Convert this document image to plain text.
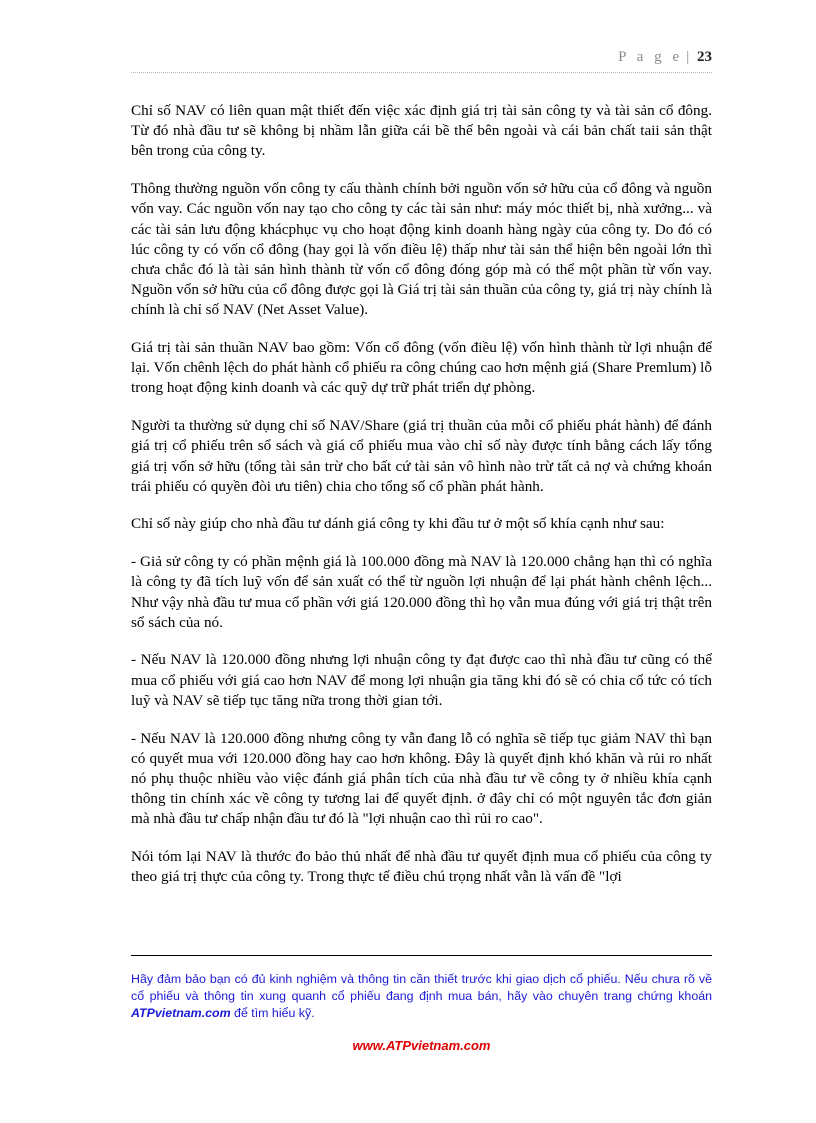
P a g e | 23

Chỉ số NAV có liên quan mật thiết đến việc xác định giá trị tài sản công ty và tài sản cổ đông. Từ đó nhà đầu tư sẽ không bị nhầm lẫn giữa cái bề thế bên ngoài và cái bản chất taii sản thật bên trong của công ty.

Thông thường nguồn vốn công ty cấu thành chính bởi nguồn vốn sở hữu của cổ đông và nguồn vốn vay. Các nguồn vốn nay tạo cho công ty các tài sản như: máy móc thiết bị, nhà xưởng... và các tài sản lưu động khácphục vụ cho hoạt động kinh doanh hàng ngày của công ty. Do đó có lúc công ty có vốn cổ đông (hay gọi là vốn điều lệ) thấp như tài sản thể hiện bên ngoài lớn thì chưa chắc đó là tài sản hình thành từ vốn cổ đông đóng góp mà có thể một phần từ vốn vay. Nguồn vốn sở hữu của cổ đông được gọi là Giá trị tài sản thuần của công ty, giá trị này chính là chính là chỉ số NAV (Net Asset Value).

Giá trị tài sản thuần NAV bao gồm: Vốn cổ đông (vốn điều lệ) vốn hình thành từ lợi nhuận để lại. Vốn chênh lệch do phát hành cổ phiếu ra công chúng cao hơn mệnh giá (Share Premlum) lỗ trong hoạt động kinh doanh và các quỹ dự trữ phát triển dự phòng.

Người ta thường sử dụng chỉ số NAV/Share (giá trị thuần của mỗi cổ phiếu phát hành) để đánh giá trị cổ phiếu trên sổ sách và giá cổ phiếu mua vào chỉ số này được tính bằng cách lấy tổng giá trị vốn sở hữu (tổng tài sản trừ cho bất cứ tài sản vô hình nào trừ tất cả nợ và chứng khoán trái phiếu có quyền đòi ưu tiên) chia cho tổng số cổ phần phát hành.

Chỉ số này giúp cho nhà đầu tư dánh giá công ty khi đầu tư ở một số khía cạnh như sau:

- Giả sử công ty có phần mệnh giá là 100.000 đồng mà NAV là 120.000 chẳng hạn thì có nghĩa là công ty đã tích luỹ vốn để sản xuất có thể từ nguồn lợi nhuận để lại phát hành chênh lệch... Như vậy nhà đầu tư mua cổ phần với giá 120.000 đồng thì họ vẫn mua đúng với giá trị thật trên sổ sách của nó.

- Nếu NAV là 120.000 đồng nhưng lợi nhuận công ty đạt được cao thì nhà đầu tư cũng có thể mua cổ phiếu với giá cao hơn NAV để mong lợi nhuận gia tăng khi đó sẽ có chia cổ tức có tích luỹ và NAV sẽ tiếp tục tăng nữa trong thời gian tới.

- Nếu NAV là 120.000 đồng nhưng công ty vẫn đang lỗ có nghĩa sẽ tiếp tục giảm NAV thì bạn có quyết mua với 120.000 đồng hay cao hơn không. Đây là quyết định khó khăn và rủi ro nhất nó phụ thuộc nhiều vào việc đánh giá phân tích của nhà đầu tư về công ty ở nhiều khía cạnh thông tin chính xác về công ty tương lai để quyết định. ở đây chỉ có một nguyên tắc đơn giản mà nhà đầu tư chấp nhận đầu tư đó là "lợi nhuận cao thì rủi ro cao".

Nói tóm lại NAV là thước đo bảo thủ nhất để nhà đầu tư quyết định mua cổ phiếu của công ty theo giá trị thực của công ty. Trong thực tế điều chú trọng nhất vẫn là vấn đề "lợi

Hãy đảm bảo bạn có đủ kinh nghiệm và thông tin cần thiết trước khi giao dịch cổ phiếu. Nếu chưa rõ về cổ phiếu và thông tin xung quanh cổ phiếu đang định mua bán, hãy vào chuyên trang chứng khoán ATPvietnam.com để tìm hiểu kỹ.

www.ATPvietnam.com
